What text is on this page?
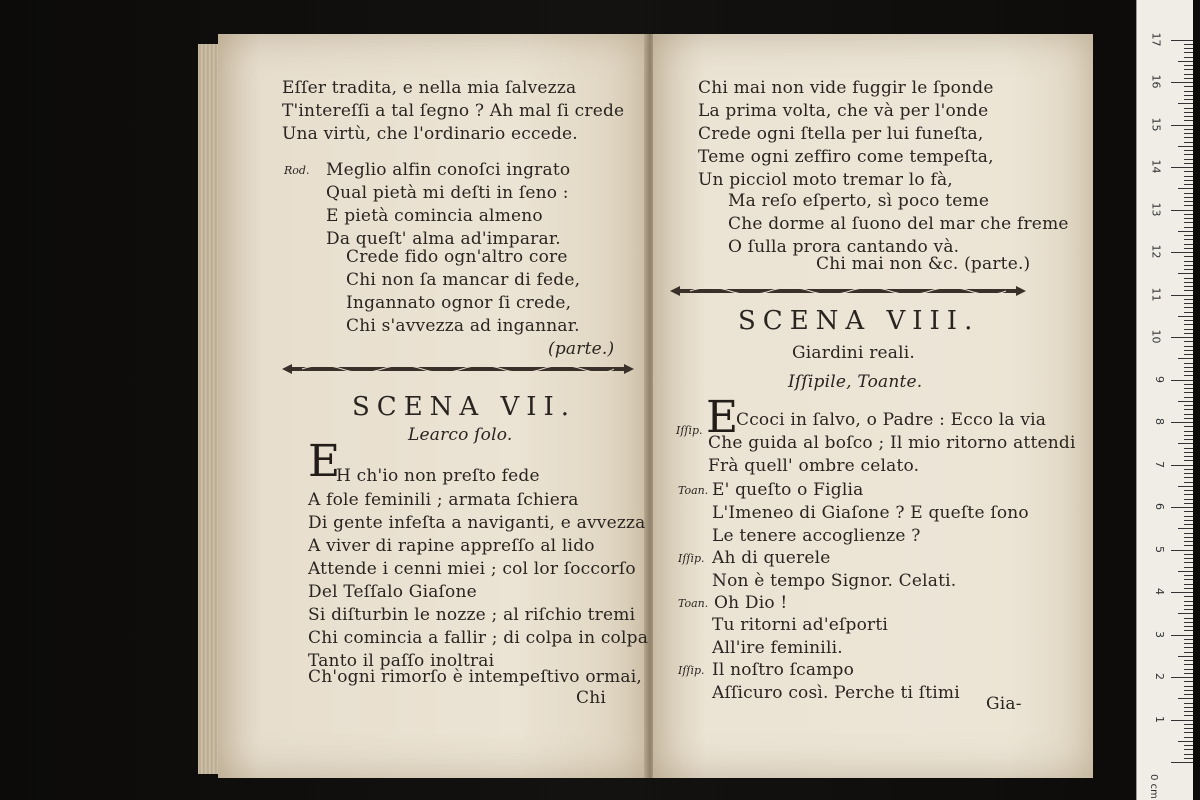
Eſſer tradita, e nella mia ſalvezza
T'intereſſi a tal ſegno ? Ah mal ſi crede
Una virtù, che l'ordinario eccede.
Rod. Meglio alfin conoſci ingrato
Qual pietà mi deſti in ſeno :
E pietà comincia almeno
Da queſt' alma ad'imparar.
Crede fido ogn'altro core
Chi non ſa mancar di fede,
Ingannato ognor ſi crede,
Chi s'avvezza ad ingannar.
(parte.)
SCENA VII.
Learco ſolo.
E
H ch'io non preſto fede
A fole feminili ; armata ſchiera
Di gente infeſta a naviganti, e avvezza
A viver di rapine appreſſo al lido
Attende i cenni miei ; col lor ſoccorſo
Del Teſſalo Giaſone
Si diſturbin le nozze ; al riſchio tremi
Chi comincia a fallir ; di colpa in colpa
Tanto il paſſo inoltrai
Ch'ogni rimorſo è intempeſtivo ormai,
Chi
Chi mai non vide fuggir le ſponde
La prima volta, che và per l'onde
Crede ogni ſtella per lui funeſta,
Teme ogni zeffiro come tempeſta,
Un picciol moto tremar lo fà,
Ma reſo eſperto, sì poco teme
Che dorme al ſuono del mar che freme
O ſulla prora cantando và.
Chi mai non &c. (parte.)
SCENA VIII.
Giardini reali.
Iſſipile, Toante.
E
Iſſip.
Ccoci in ſalvo, o Padre : Ecco la via
Che guida al boſco ; Il mio ritorno attendi
Frà quell' ombre celato.
Toan. E' queſto o Figlia
L'Imeneo di Giaſone ? E queſte ſono
Le tenere accoglienze ?
Iſſip. Ah di querele
Non è tempo Signor. Celati.
Toan. Oh Dio !
Tu ritorni ad'eſporti
All'ire feminili.
Iſſip. Il noſtro ſcampo
Aſſicuro così. Perche ti ſtimi
Gia-
1
2
3
4
5
6
7
8
9
10
11
12
13
14
15
16
17
0 cm
